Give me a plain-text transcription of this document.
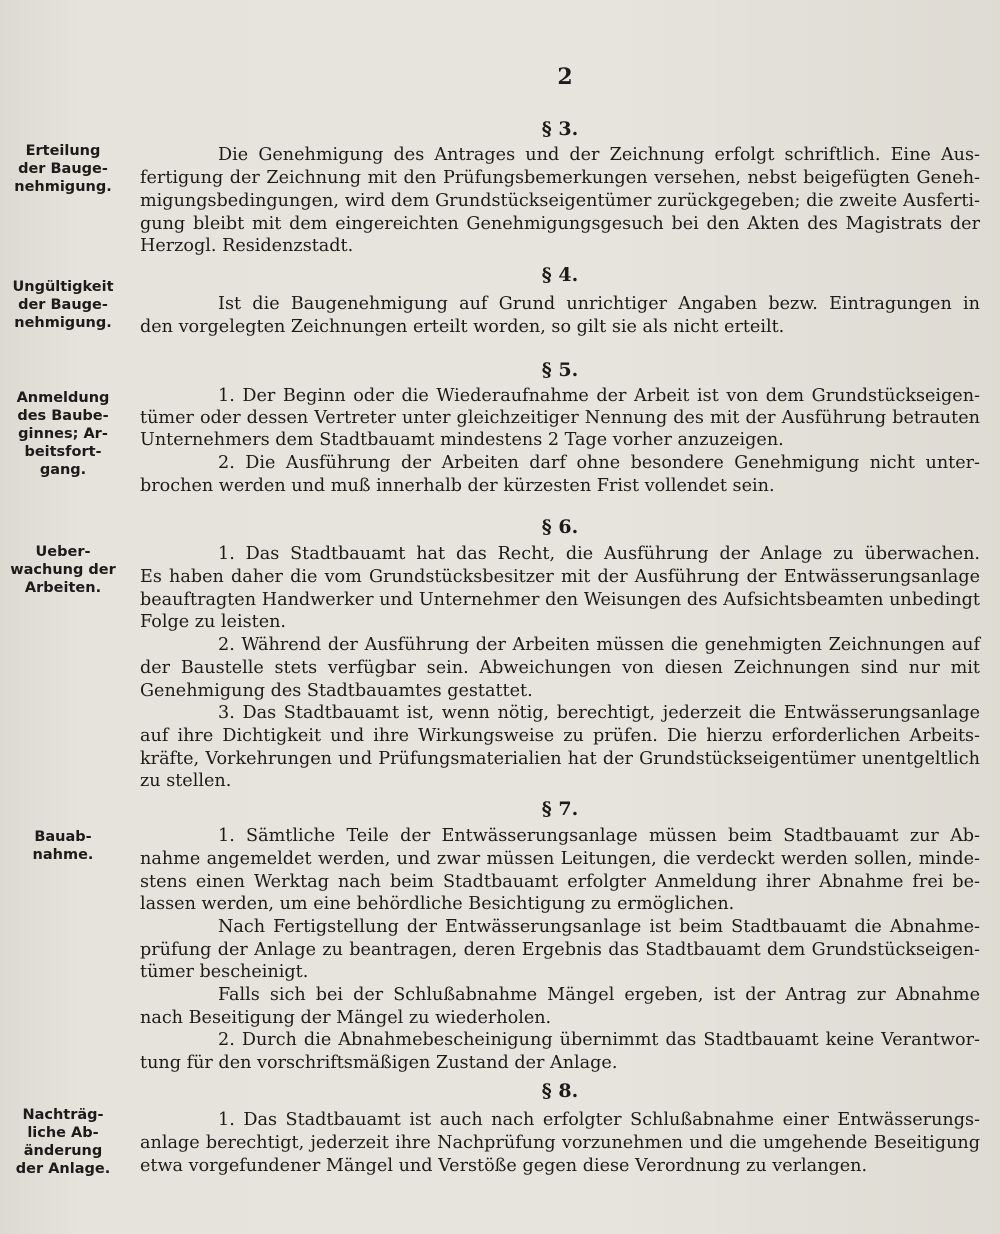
2
Erteilung
der Bauge-
nehmigung.
Ungültigkeit
der Bauge-
nehmigung.
Anmeldung
des Baube-
ginnes; Ar-
beitsfort-
gang.
Ueber-
wachung der
Arbeiten.
Bauab-
nahme.
Nachträg-
liche Ab-
änderung
der Anlage.
§ 3.
Die Genehmigung des Antrages und der Zeichnung erfolgt schriftlich. Eine Aus-
fertigung der Zeichnung mit den Prüfungsbemerkungen versehen, nebst beigefügten Geneh-
migungsbedingungen, wird dem Grundstückseigentümer zurückgegeben; die zweite Ausferti-
gung bleibt mit dem eingereichten Genehmigungsgesuch bei den Akten des Magistrats der
Herzogl. Residenzstadt.
§ 4.
Ist die Baugenehmigung auf Grund unrichtiger Angaben bezw. Eintragungen in
den vorgelegten Zeichnungen erteilt worden, so gilt sie als nicht erteilt.
§ 5.
1. Der Beginn oder die Wiederaufnahme der Arbeit ist von dem Grundstückseigen-
tümer oder dessen Vertreter unter gleichzeitiger Nennung des mit der Ausführung betrauten
Unternehmers dem Stadtbauamt mindestens 2 Tage vorher anzuzeigen.
2. Die Ausführung der Arbeiten darf ohne besondere Genehmigung nicht unter-
brochen werden und muß innerhalb der kürzesten Frist vollendet sein.
§ 6.
1. Das Stadtbauamt hat das Recht, die Ausführung der Anlage zu überwachen.
Es haben daher die vom Grundstücksbesitzer mit der Ausführung der Entwässerungsanlage
beauftragten Handwerker und Unternehmer den Weisungen des Aufsichtsbeamten unbedingt
Folge zu leisten.
2. Während der Ausführung der Arbeiten müssen die genehmigten Zeichnungen auf
der Baustelle stets verfügbar sein. Abweichungen von diesen Zeichnungen sind nur mit
Genehmigung des Stadtbauamtes gestattet.
3. Das Stadtbauamt ist, wenn nötig, berechtigt, jederzeit die Entwässerungsanlage
auf ihre Dichtigkeit und ihre Wirkungsweise zu prüfen. Die hierzu erforderlichen Arbeits-
kräfte, Vorkehrungen und Prüfungsmaterialien hat der Grundstückseigentümer unentgeltlich
zu stellen.
§ 7.
1. Sämtliche Teile der Entwässerungsanlage müssen beim Stadtbauamt zur Ab-
nahme angemeldet werden, und zwar müssen Leitungen, die verdeckt werden sollen, minde-
stens einen Werktag nach beim Stadtbauamt erfolgter Anmeldung ihrer Abnahme frei be-
lassen werden, um eine behördliche Besichtigung zu ermöglichen.
Nach Fertigstellung der Entwässerungsanlage ist beim Stadtbauamt die Abnahme-
prüfung der Anlage zu beantragen, deren Ergebnis das Stadtbauamt dem Grundstückseigen-
tümer bescheinigt.
Falls sich bei der Schlußabnahme Mängel ergeben, ist der Antrag zur Abnahme
nach Beseitigung der Mängel zu wiederholen.
2. Durch die Abnahmebescheinigung übernimmt das Stadtbauamt keine Verantwor-
tung für den vorschriftsmäßigen Zustand der Anlage.
§ 8.
1. Das Stadtbauamt ist auch nach erfolgter Schlußabnahme einer Entwässerungs-
anlage berechtigt, jederzeit ihre Nachprüfung vorzunehmen und die umgehende Beseitigung
etwa vorgefundener Mängel und Verstöße gegen diese Verordnung zu verlangen.
